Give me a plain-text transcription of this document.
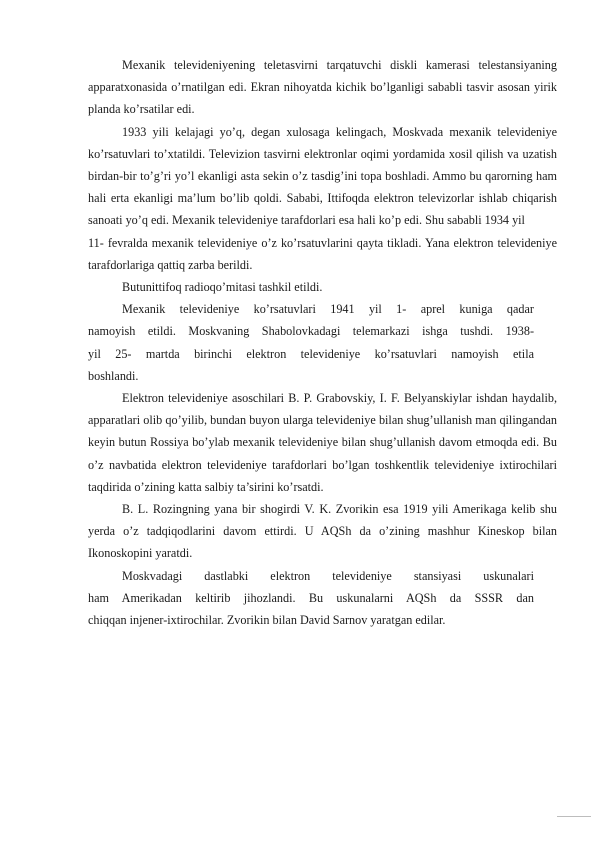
Mexanik televideniyening teletasvirni tarqatuvchi diskli kamerasi telestansiyaning apparatxonasida o’rnatilgan edi. Ekran nihoyatda kichik bo’lganligi sababli tasvir asosan yirik planda ko’rsatilar edi.

1933 yili kelajagi yo’q, degan xulosaga kelingach, Moskvada mexanik televideniye ko’rsatuvlari to’xtatildi. Televizion tasvirni elektronlar oqimi yordamida xosil qilish va uzatish birdan-bir to’g’ri yo’l ekanligi asta sekin o’z tasdig’ini topa boshladi. Ammo bu qarorning ham hali erta ekanligi ma’lum bo’lib qoldi. Sababi, Ittifoqda elektron televizorlar ishlab chiqarish sanoati yo’q edi. Mexanik televideniye tarafdorlari esa hali ko’p edi. Shu sababli 1934 yil

11- fevralda mexanik televideniye o’z ko’rsatuvlarini qayta tikladi. Yana elektron televideniye tarafdorlariga qattiq zarba berildi.

Butunittifoq radioqo’mitasi tashkil etildi.

Mexanik televideniye ko’rsatuvlari 1941 yil 1- aprel kuniga qadar

namoyish etildi. Moskvaning Shabolovkadagi telemarkazi ishga tushdi. 1938-

yil 25- martda birinchi elektron televideniye ko’rsatuvlari namoyish etila

boshlandi.

Elektron televideniye asoschilari B. P. Grabovskiy, I. F. Belyanskiylar ishdan haydalib, apparatlari olib qo’yilib, bundan buyon ularga televideniye bilan shug’ullanish man qilingandan keyin butun Rossiya bo’ylab mexanik televideniye bilan shug’ullanish davom etmoqda edi. Bu o’z navbatida elektron televideniye tarafdorlari bo’lgan toshkentlik televideniye ixtirochilari taqdirida o’zining katta salbiy ta’sirini ko’rsatdi.

B. L. Rozingning yana bir shogirdi V. K. Zvorikin esa 1919 yili Amerikaga kelib shu yerda o’z tadqiqodlarini davom ettirdi. U AQSh da o’zining mashhur Kineskop bilan Ikonoskopini yaratdi.

Moskvadagi dastlabki elektron televideniye stansiyasi uskunalari

ham Amerikadan keltirib jihozlandi. Bu uskunalarni AQSh da SSSR dan

chiqqan injener-ixtirochilar. Zvorikin bilan David Sarnov yaratgan edilar.
